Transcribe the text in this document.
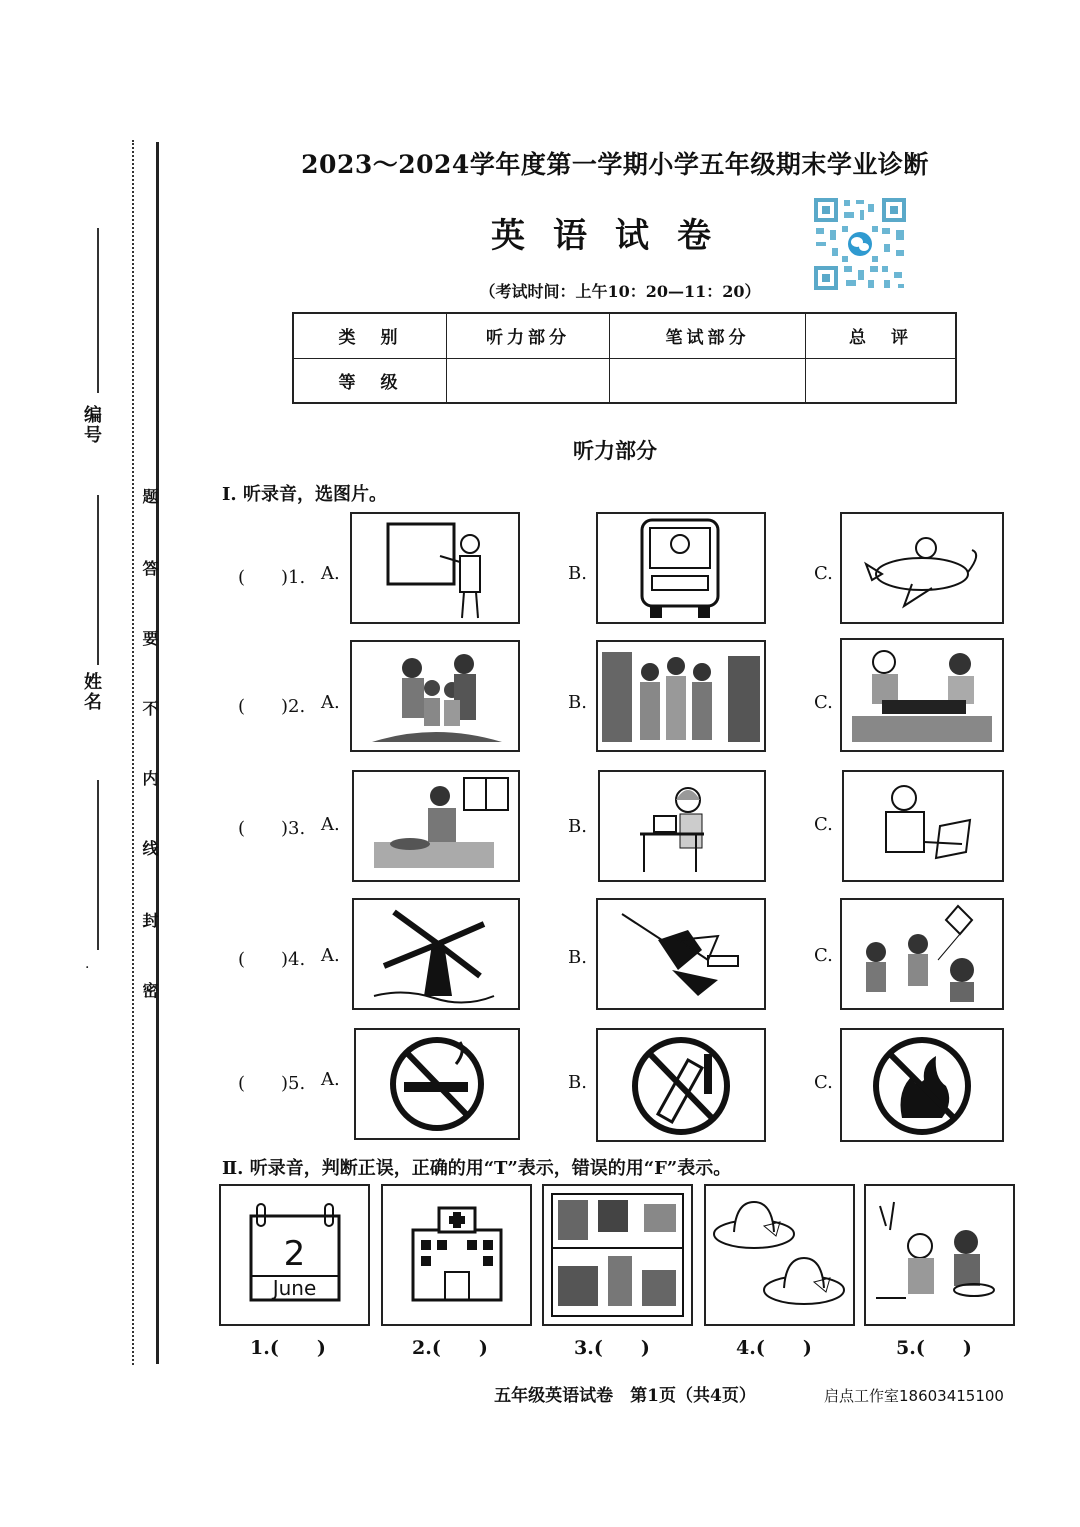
编号
姓名
·
题
答
要
不
内
线
封
密
2023～2024学年度第一学期小学五年级期末学业诊断
英语试卷
（考试时间：上午10：20—11：20）
类　别	听力部分	笔试部分	总　评
等　级			
听力部分
Ⅰ. 听录音，选图片。
(　　)1. A.	B.	C.
(　　)2. A.	B.	C.
(　　)3. A.	B.	C.
(　　)4. A.	B.	C.
(　　)5. A.	B.	C.
Ⅱ. 听录音，判断正误，正确的用“T”表示，错误的用“F”表示。
2
June
1.(　　)	2.(　　)	3.(　　)	4.(　　)	5.(　　)
五年级英语试卷　第1页（共4页）	启点工作室18603415100
